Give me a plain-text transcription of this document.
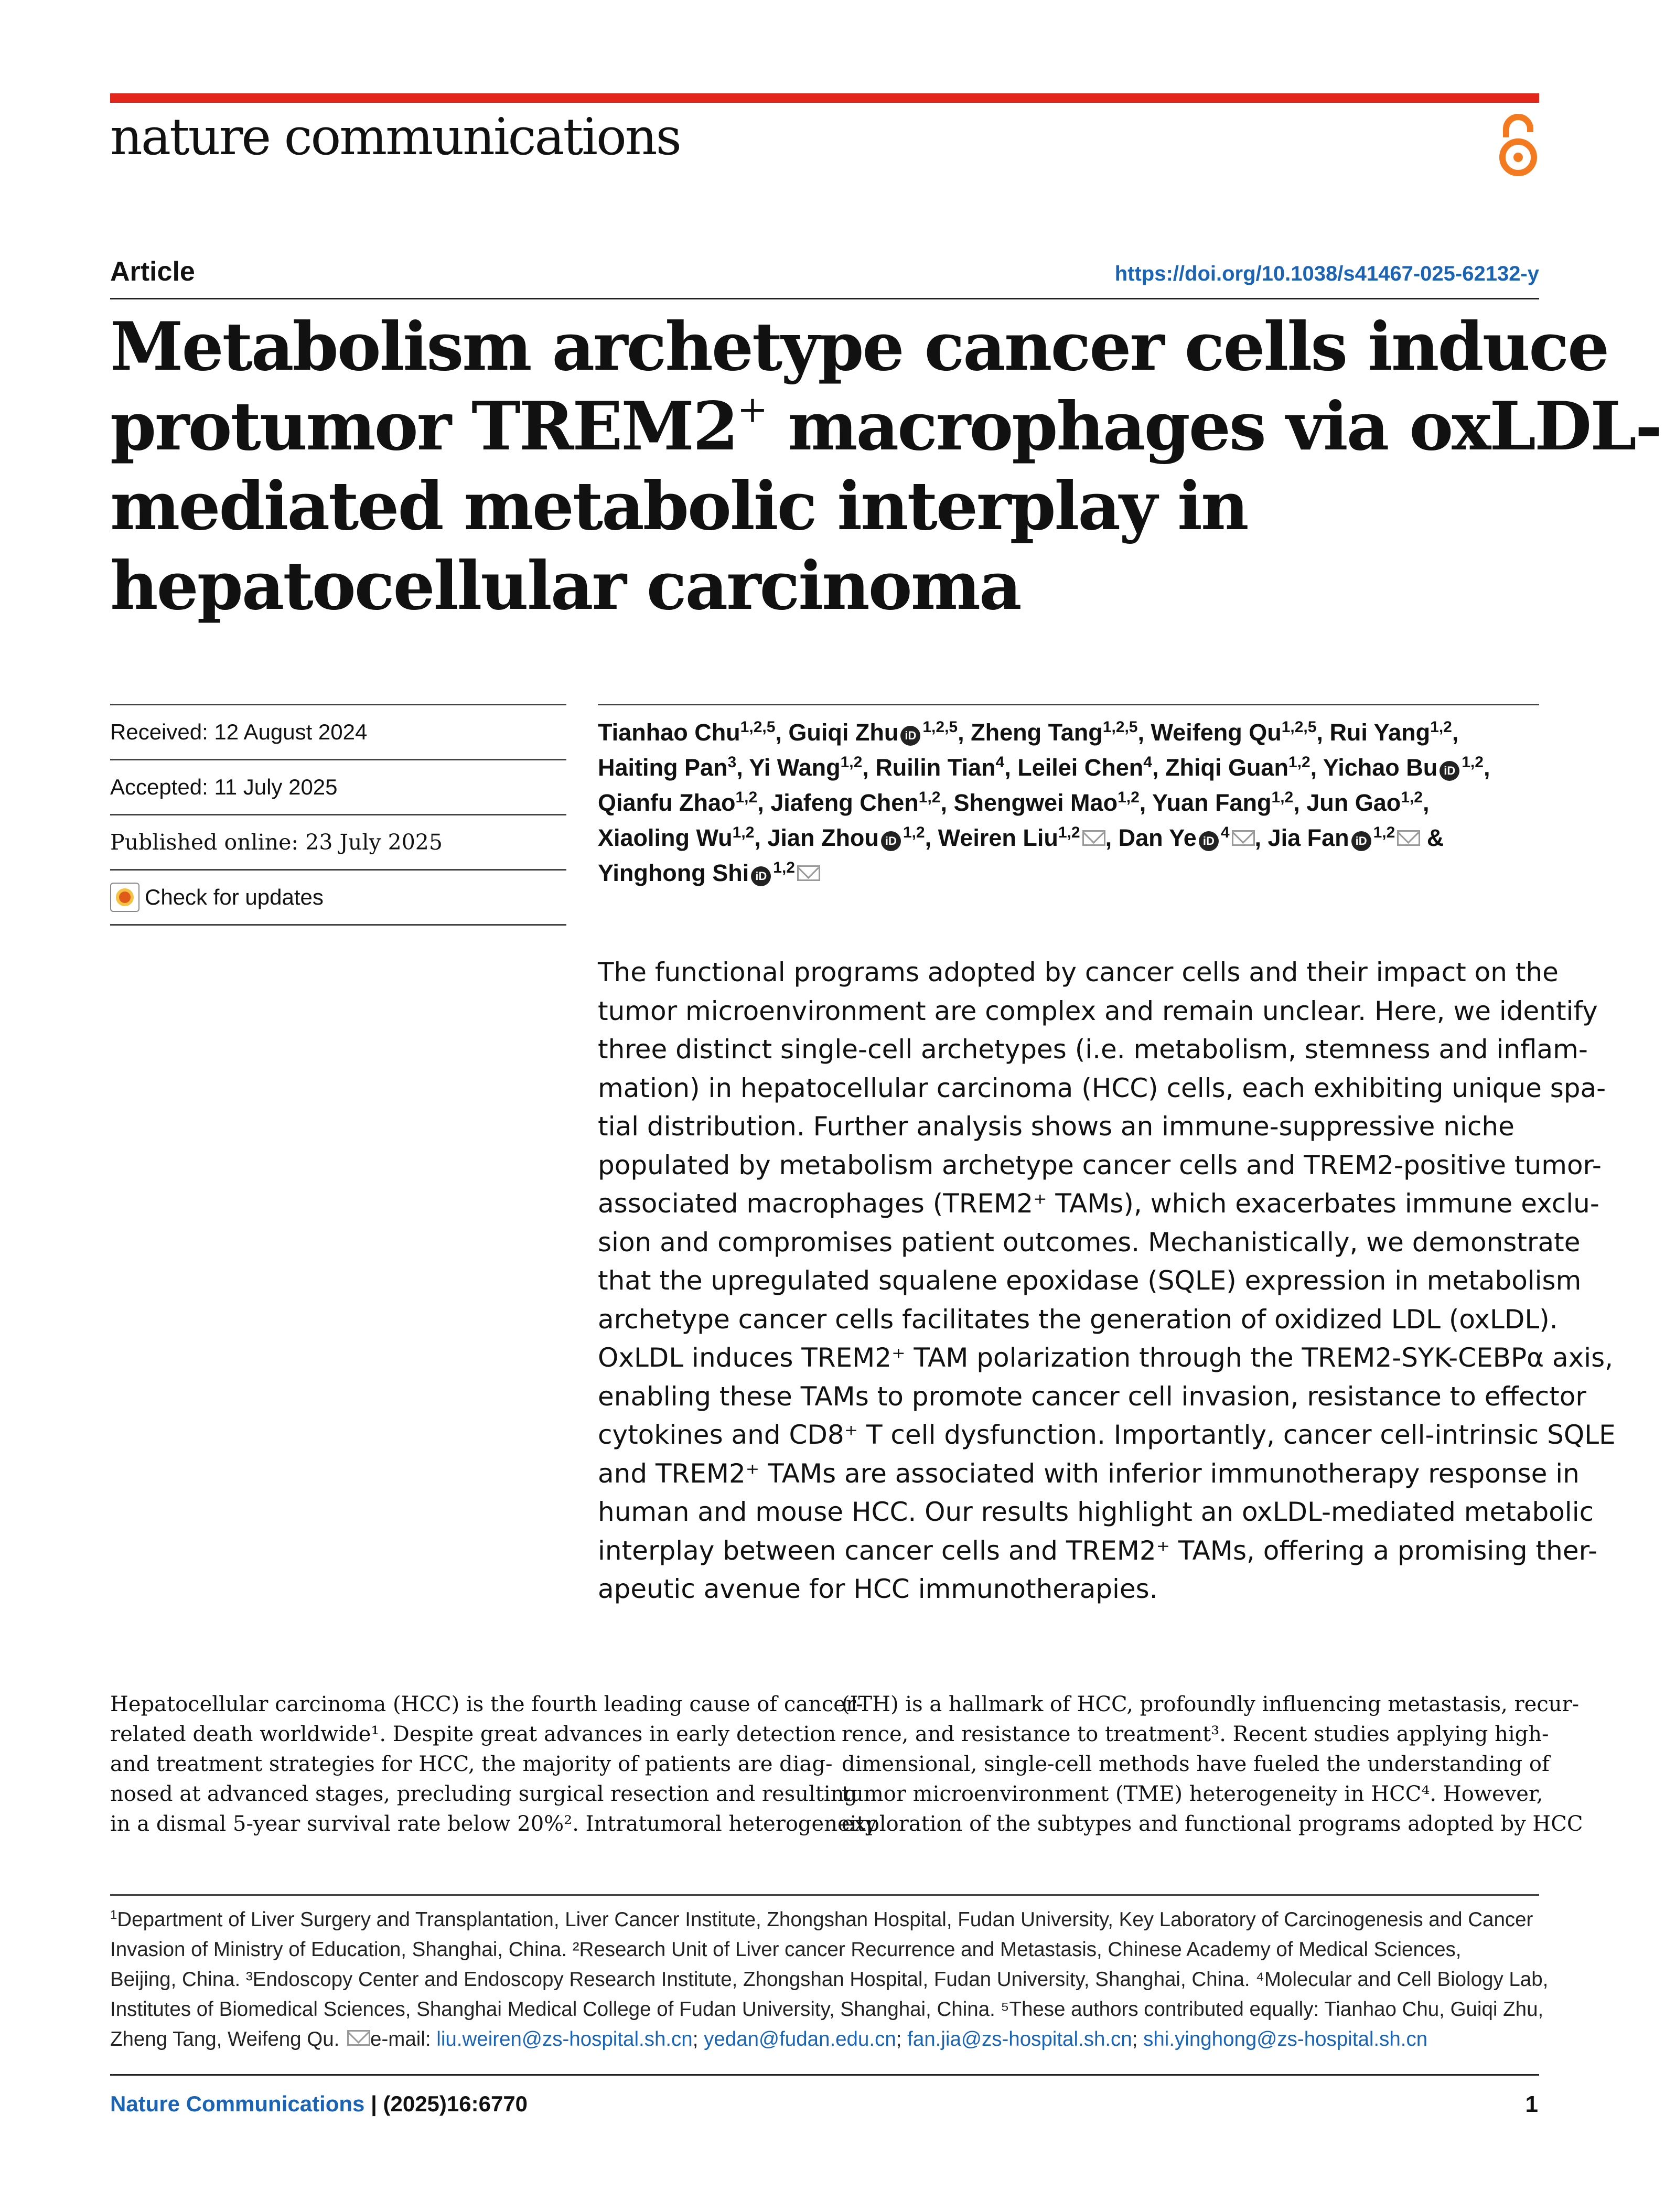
nature communications
Article	https://doi.org/10.1038/s41467-025-62132-y
Metabolism archetype cancer cells induce
protumor TREM2+ macrophages via oxLDL-
mediated metabolic interplay in
hepatocellular carcinoma
Received: 12 August 2024
Accepted: 11 July 2025
Published online: 23 July 2025
Check for updates
Tianhao Chu$^{1,2,5}$, Guiqi Zhu iD $^{1,2,5}$, Zheng Tang$^{1,2,5}$, Weifeng Qu$^{1,2,5}$, Rui Yang$^{1,2}$,
Haiting Pan$^3$, Yi Wang$^{1,2}$, Ruilin Tian$^4$, Leilei Chen$^4$, Zhiqi Guan$^{1,2}$, Yichao Bu iD $^{1,2}$,
Qianfu Zhao$^{1,2}$, Jiafeng Chen$^{1,2}$, Shengwei Mao$^{1,2}$, Yuan Fang$^{1,2}$, Jun Gao$^{1,2}$,
Xiaoling Wu$^{1,2}$, Jian Zhou iD $^{1,2}$, Weiren Liu$^{1,2}$ , Dan Ye iD $^4$ , Jia Fan iD $^{1,2}$ &
Yinghong Shi iD $^{1,2}$
The functional programs adopted by cancer cells and their impact on the
tumor microenvironment are complex and remain unclear. Here, we identify
three distinct single-cell archetypes (i.e. metabolism, stemness and inflam-
mation) in hepatocellular carcinoma (HCC) cells, each exhibiting unique spa-
tial distribution. Further analysis shows an immune-suppressive niche
populated by metabolism archetype cancer cells and TREM2-positive tumor-
associated macrophages (TREM2⁺ TAMs), which exacerbates immune exclu-
sion and compromises patient outcomes. Mechanistically, we demonstrate
that the upregulated squalene epoxidase (SQLE) expression in metabolism
archetype cancer cells facilitates the generation of oxidized LDL (oxLDL).
OxLDL induces TREM2⁺ TAM polarization through the TREM2-SYK-CEBPα axis,
enabling these TAMs to promote cancer cell invasion, resistance to effector
cytokines and CD8⁺ T cell dysfunction. Importantly, cancer cell-intrinsic SQLE
and TREM2⁺ TAMs are associated with inferior immunotherapy response in
human and mouse HCC. Our results highlight an oxLDL-mediated metabolic
interplay between cancer cells and TREM2⁺ TAMs, offering a promising ther-
apeutic avenue for HCC immunotherapies.
Hepatocellular carcinoma (HCC) is the fourth leading cause of cancer-
related death worldwide¹. Despite great advances in early detection
and treatment strategies for HCC, the majority of patients are diag-
nosed at advanced stages, precluding surgical resection and resulting
in a dismal 5-year survival rate below 20%². Intratumoral heterogeneity
(ITH) is a hallmark of HCC, profoundly influencing metastasis, recur-
rence, and resistance to treatment³. Recent studies applying high-
dimensional, single-cell methods have fueled the understanding of
tumor microenvironment (TME) heterogeneity in HCC⁴. However,
exploration of the subtypes and functional programs adopted by HCC
$^1$Department of Liver Surgery and Transplantation, Liver Cancer Institute, Zhongshan Hospital, Fudan University, Key Laboratory of Carcinogenesis and Cancer
Invasion of Ministry of Education, Shanghai, China. ²Research Unit of Liver cancer Recurrence and Metastasis, Chinese Academy of Medical Sciences,
Beijing, China. ³Endoscopy Center and Endoscopy Research Institute, Zhongshan Hospital, Fudan University, Shanghai, China. ⁴Molecular and Cell Biology Lab,
Institutes of Biomedical Sciences, Shanghai Medical College of Fudan University, Shanghai, China. ⁵These authors contributed equally: Tianhao Chu, Guiqi Zhu,
Zheng Tang, Weifeng Qu. e-mail: liu.weiren@zs-hospital.sh.cn; yedan@fudan.edu.cn; fan.jia@zs-hospital.sh.cn; shi.yinghong@zs-hospital.sh.cn
Nature Communications | (2025)16:6770	1
